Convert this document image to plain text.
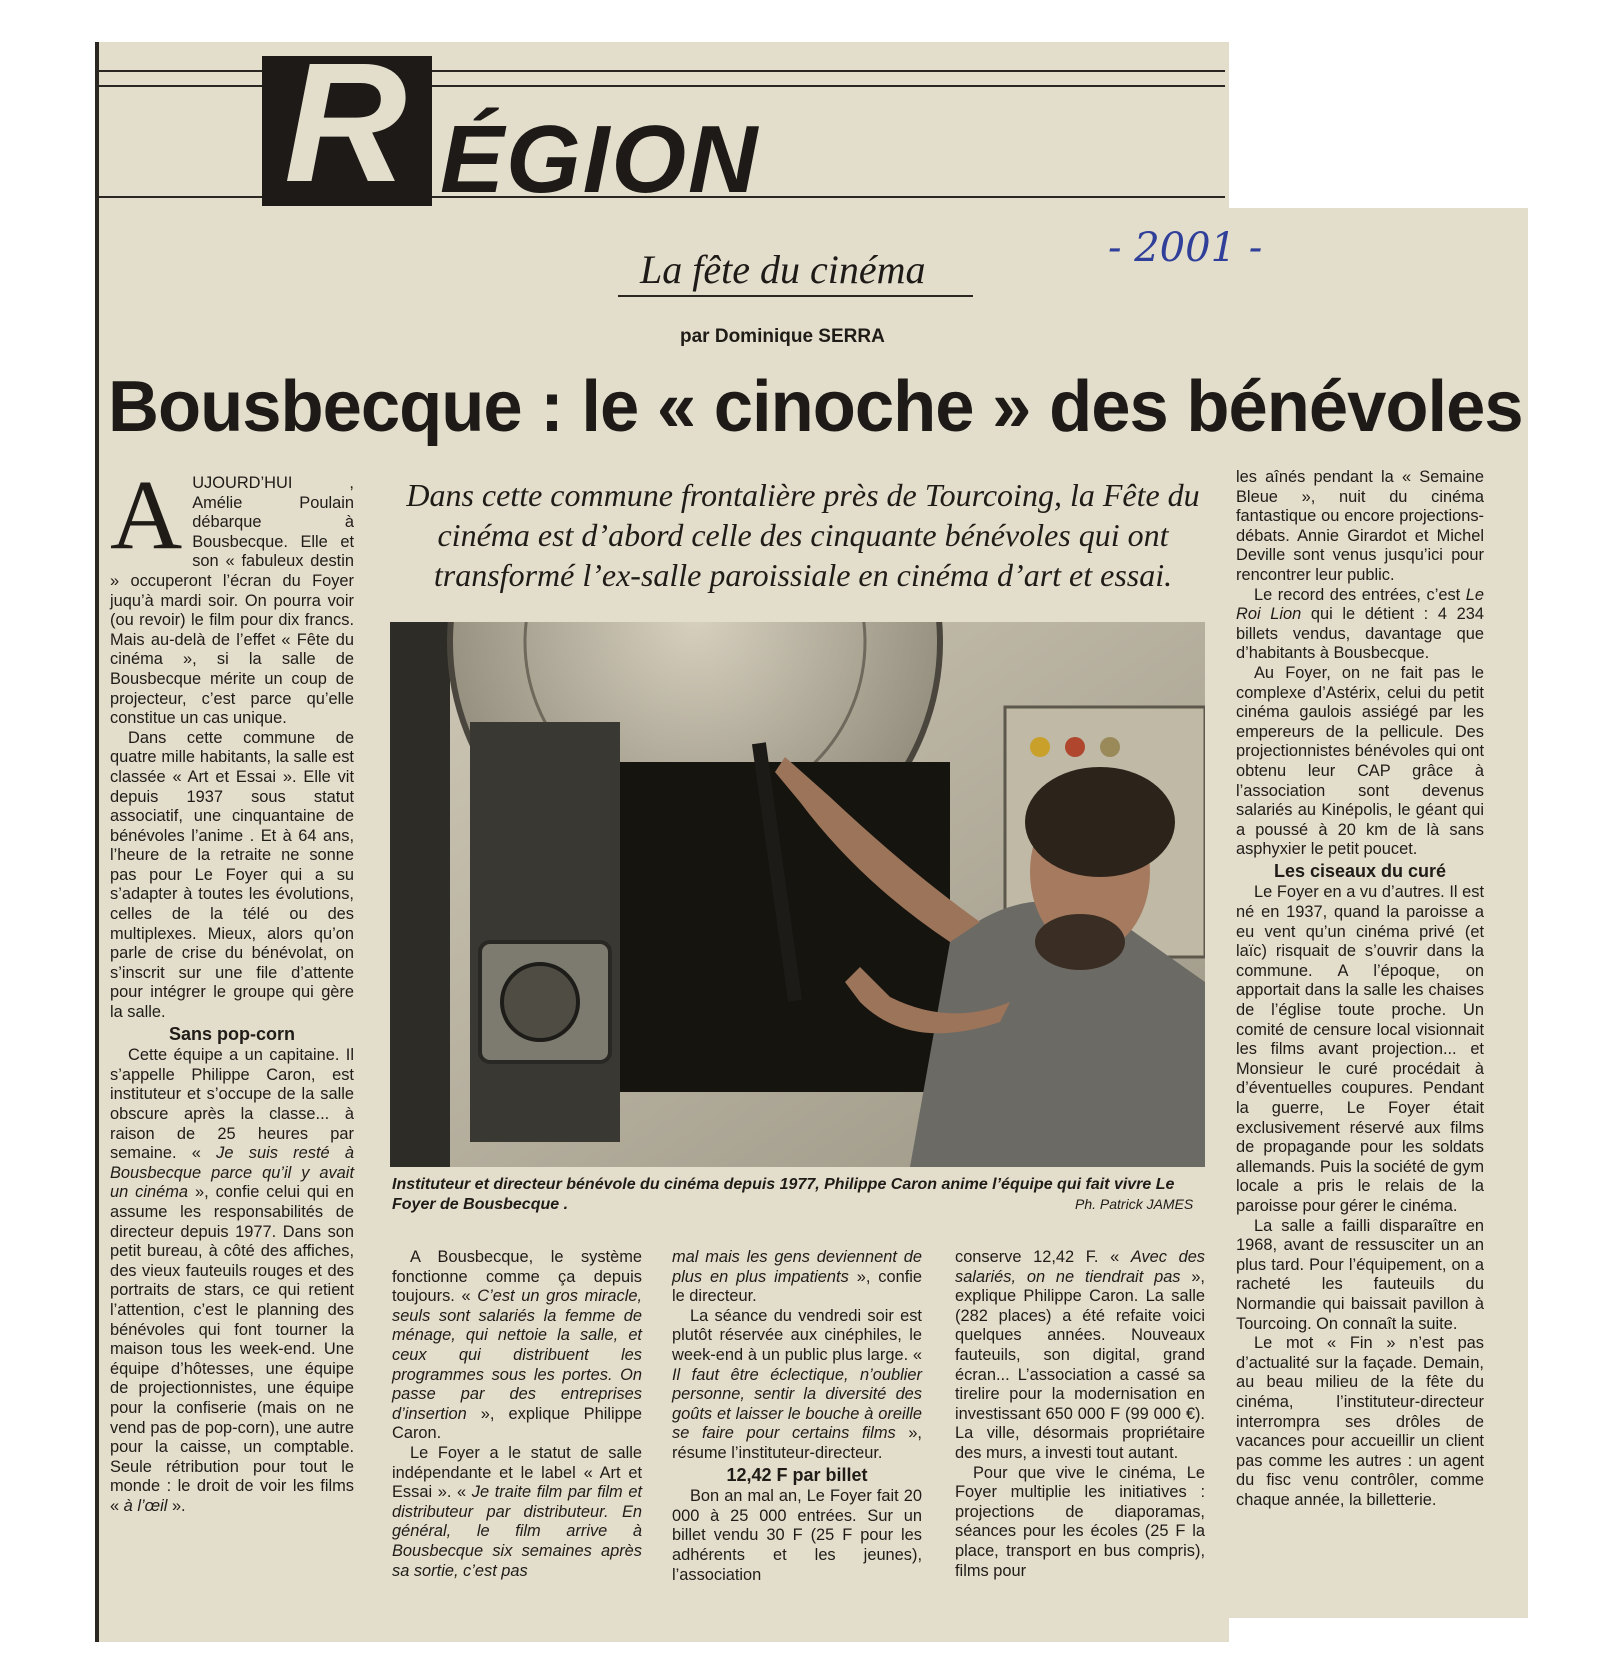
R ÉGION
La fête du cinéma	- 2001 -
par Dominique SERRA
Bousbecque : le « cinoche » des bénévoles
Dans cette commune frontalière près de Tourcoing, la Fête du cinéma est d’abord celle des cinquante bénévoles qui ont transformé l’ex-salle paroissiale en cinéma d’art et essai.
Instituteur et directeur bénévole du cinéma depuis 1977, Philippe Caron anime l’équipe qui fait vivre Le Foyer de Bousbecque .	Ph. Patrick JAMES

AUJOURD’HUI , Amélie Poulain débarque à Bousbecque. Elle et son « fabuleux destin » occuperont l’écran du Foyer juqu’à mardi soir. On pourra voir (ou revoir) le film pour dix francs. Mais au-delà de l’effet « Fête du cinéma », si la salle de Bousbecque mérite un coup de projecteur, c’est parce qu’elle constitue un cas unique.

Dans cette commune de quatre mille habitants, la salle est classée « Art et Essai ». Elle vit depuis 1937 sous statut associatif, une cinquantaine de bénévoles l’anime . Et à 64 ans, l’heure de la retraite ne sonne pas pour Le Foyer qui a su s’adapter à toutes les évolutions, celles de la télé ou des multiplexes. Mieux, alors qu’on parle de crise du bénévolat, on s’inscrit sur une file d’attente pour intégrer le groupe qui gère la salle.

Sans pop-corn

Cette équipe a un capitaine. Il s’appelle Philippe Caron, est instituteur et s’occupe de la salle obscure après la classe... à raison de 25 heures par semaine. « Je suis resté à Bousbecque parce qu’il y avait un cinéma », confie celui qui en assume les responsabilités de directeur depuis 1977. Dans son petit bureau, à côté des affiches, des vieux fauteuils rouges et des portraits de stars, ce qui retient l’attention, c’est le planning des bénévoles qui font tourner la maison tous les week-end. Une équipe d’hôtesses, une équipe de projectionnistes, une équipe pour la confiserie (mais on ne vend pas de pop-corn), une autre pour la caisse, un comptable. Seule rétribution pour tout le monde : le droit de voir les films « à l’œil ».

A Bousbecque, le système fonctionne comme ça depuis toujours. « C’est un gros miracle, seuls sont salariés la femme de ménage, qui nettoie la salle, et ceux qui distribuent les programmes sous les portes. On passe par des entreprises d’insertion », explique Philippe Caron.

Le Foyer a le statut de salle indépendante et le label « Art et Essai ». « Je traite film par film et distributeur par distributeur. En général, le film arrive à Bousbecque six semaines après sa sortie, c’est pas

mal mais les gens deviennent de plus en plus impatients », confie le directeur.

La séance du vendredi soir est plutôt réservée aux cinéphiles, le week-end à un public plus large. « Il faut être éclectique, n’oublier personne, sentir la diversité des goûts et laisser le bouche à oreille se faire pour certains films », résume l’instituteur-directeur.

12,42 F par billet

Bon an mal an, Le Foyer fait 20 000 à 25 000 entrées. Sur un billet vendu 30 F (25 F pour les adhérents et les jeunes), l’association

conserve 12,42 F. « Avec des salariés, on ne tiendrait pas », explique Philippe Caron. La salle (282 places) a été refaite voici quelques années. Nouveaux fauteuils, son digital, grand écran... L’association a cassé sa tirelire pour la modernisation en investissant 650 000 F (99 000 €). La ville, désormais propriétaire des murs, a investi tout autant.

Pour que vive le cinéma, Le Foyer multiplie les initiatives : projections de diaporamas, séances pour les écoles (25 F la place, transport en bus compris), films pour

les aînés pendant la « Semaine Bleue », nuit du cinéma fantastique ou encore projections-débats. Annie Girardot et Michel Deville sont venus jusqu’ici pour rencontrer leur public.

Le record des entrées, c’est Le Roi Lion qui le détient : 4 234 billets vendus, davantage que d’habitants à Bousbecque.

Au Foyer, on ne fait pas le complexe d’Astérix, celui du petit cinéma gaulois assiégé par les empereurs de la pellicule. Des projectionnistes bénévoles qui ont obtenu leur CAP grâce à l’association sont devenus salariés au Kinépolis, le géant qui a poussé à 20 km de là sans asphyxier le petit poucet.

Les ciseaux du curé

Le Foyer en a vu d’autres. Il est né en 1937, quand la paroisse a eu vent qu’un cinéma privé (et laïc) risquait de s’ouvrir dans la commune. A l’époque, on apportait dans la salle les chaises de l’église toute proche. Un comité de censure local visionnait les films avant projection... et Monsieur le curé procédait à d’éventuelles coupures. Pendant la guerre, Le Foyer était exclusivement réservé aux films de propagande pour les soldats allemands. Puis la société de gym locale a pris le relais de la paroisse pour gérer le cinéma.

La salle a failli disparaître en 1968, avant de ressusciter un an plus tard. Pour l’équipement, on a racheté les fauteuils du Normandie qui baissait pavillon à Tourcoing. On connaît la suite.

Le mot « Fin » n’est pas d’actualité sur la façade. Demain, au beau milieu de la fête du cinéma, l’instituteur-directeur interrompra ses drôles de vacances pour accueillir un client pas comme les autres : un agent du fisc venu contrôler, comme chaque année, la billetterie.
